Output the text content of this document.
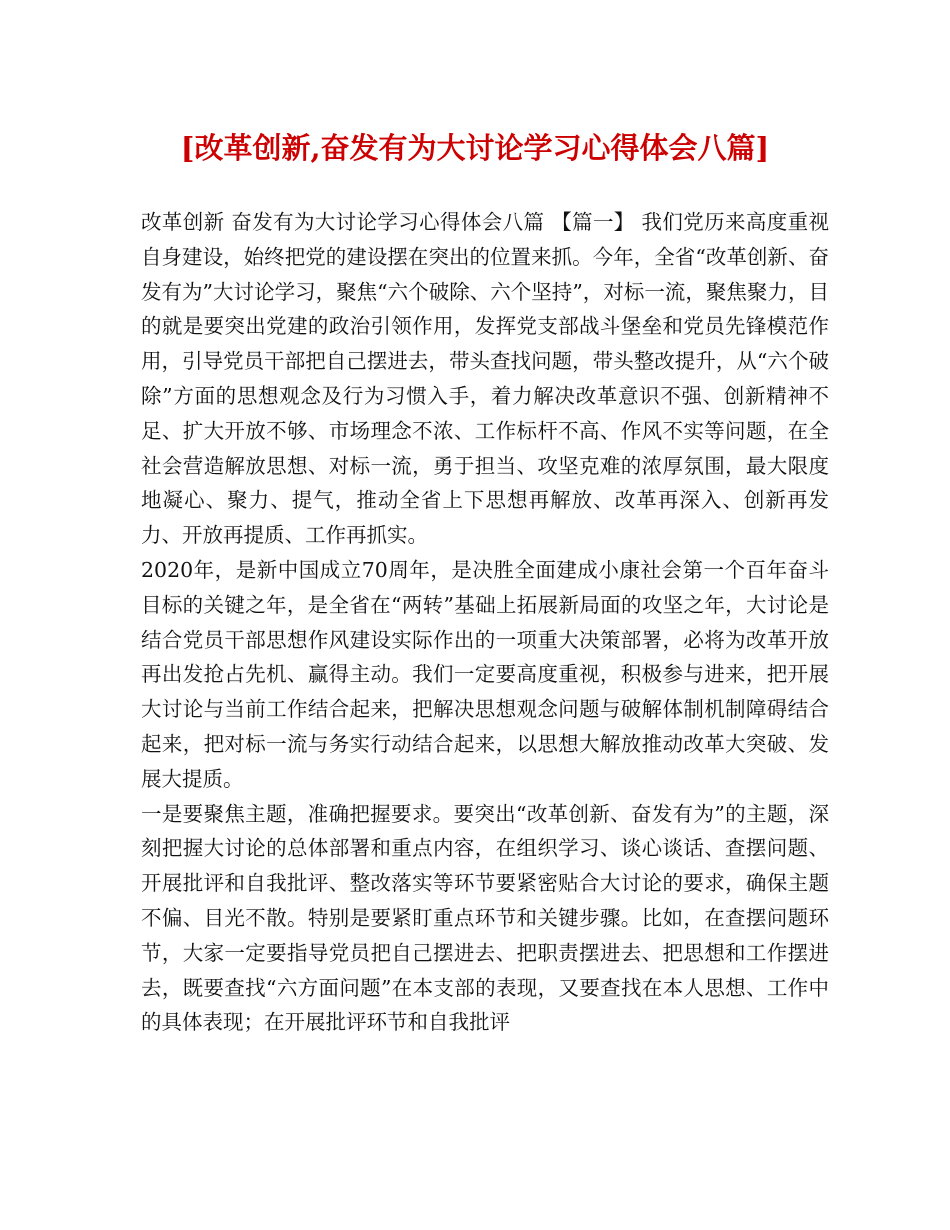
[改革创新,奋发有为大讨论学习心得体会八篇]

改革创新 奋发有为大讨论学习心得体会八篇 【篇一】 我们党历来高度重视自身建设，始终把党的建设摆在突出的位置来抓。今年，全省“改革创新、奋发有为”大讨论学习，聚焦“六个破除、六个坚持”，对标一流，聚焦聚力，目的就是要突出党建的政治引领作用，发挥党支部战斗堡垒和党员先锋模范作用，引导党员干部把自己摆进去，带头查找问题，带头整改提升，从“六个破除”方面的思想观念及行为习惯入手，着力解决改革意识不强、创新精神不足、扩大开放不够、市场理念不浓、工作标杆不高、作风不实等问题，在全社会营造解放思想、对标一流，勇于担当、攻坚克难的浓厚氛围，最大限度地凝心、聚力、提气，推动全省上下思想再解放、改革再深入、创新再发力、开放再提质、工作再抓实。

2020年，是新中国成立70周年，是决胜全面建成小康社会第一个百年奋斗目标的关键之年，是全省在“两转”基础上拓展新局面的攻坚之年，大讨论是结合党员干部思想作风建设实际作出的一项重大决策部署，必将为改革开放再出发抢占先机、赢得主动。我们一定要高度重视，积极参与进来，把开展大讨论与当前工作结合起来，把解决思想观念问题与破解体制机制障碍结合起来，把对标一流与务实行动结合起来，以思想大解放推动改革大突破、发展大提质。

一是要聚焦主题，准确把握要求。要突出“改革创新、奋发有为”的主题，深刻把握大讨论的总体部署和重点内容，在组织学习、谈心谈话、查摆问题、开展批评和自我批评、整改落实等环节要紧密贴合大讨论的要求，确保主题不偏、目光不散。特别是要紧盯重点环节和关键步骤。比如，在查摆问题环节，大家一定要指导党员把自己摆进去、把职责摆进去、把思想和工作摆进去，既要查找“六方面问题”在本支部的表现，又要查找在本人思想、工作中的具体表现；在开展批评环节和自我批评
